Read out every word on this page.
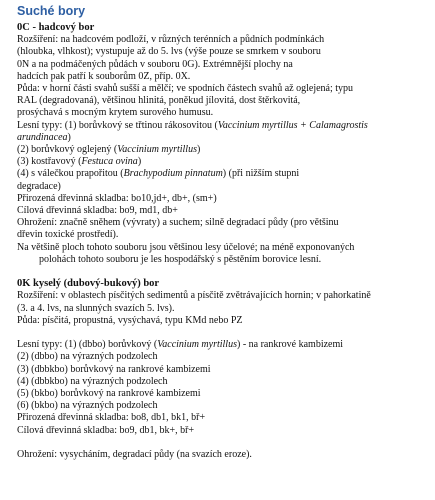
Suché bory
0C - hadcový bor
Rozšíření: na hadcovém podloží, v různých terénních a půdních podmínkách
(hloubka, vlhkost); vystupuje až do 5. lvs (výše pouze se smrkem v souboru
0N a na podmáčených půdách v souboru 0G). Extrémnější plochy na
hadcích pak patří k souborům 0Z, příp. 0X.
Půda: v horní části svahů sušší a mělčí; ve spodních částech svahů až oglejená; typu
RAL (degradovaná), většinou hlinitá, poněkud jílovitá, dost štěrkovitá,
prosýchavá s mocným krytem surového humusu.
Lesní typy: (1) borůvkový se třtinou rákosovitou (Vaccinium myrtillus + Calamagrostis
arundinacea)
(2) borůvkový oglejený (Vaccinium myrtillus)
(3) kostřavový (Festuca ovina)
(4) s válečkou prapořitou (Brachypodium pinnatum) (při nižším stupni
degradace)
Přirozená dřevinná skladba: bo10,jd+, db+, (sm+)
Cílová dřevinná skladba: bo9, md1, db+
Ohrožení: značně sněhem (vývraty) a suchem; silně degradací půdy (pro většinu
dřevin toxické prostředí).
Na většině ploch tohoto souboru jsou většinou lesy účelové; na méně exponovaných
polohách tohoto souboru je les hospodářský s pěstěním borovice lesní.
0K kyselý (dubový-bukový) bor
Rozšíření: v oblastech písčitých sedimentů a písčitě zvětrávajících hornin; v pahorkatině
(3. a 4. lvs, na slunných svazích 5. lvs).
Půda: písčitá, propustná, vysýchavá, typu KMd nebo PZ
Lesní typy: (1) (dbbo) borůvkový (Vaccinium myrtillus) - na rankrové kambizemi
(2) (dbbo) na výrazných podzolech
(3) (dbbkbo) borůvkový na rankrové kambizemi
(4) (dbbkbo) na výrazných podzolech
(5) (bkbo) borůvkový na rankrové kambizemi
(6) (bkbo) na výrazných podzolech
Přirozená dřevinná skladba: bo8, db1, bk1, bř+
Cílová dřevinná skladba: bo9, db1, bk+, bř+
Ohrožení: vysycháním, degradací půdy (na svazích eroze).
